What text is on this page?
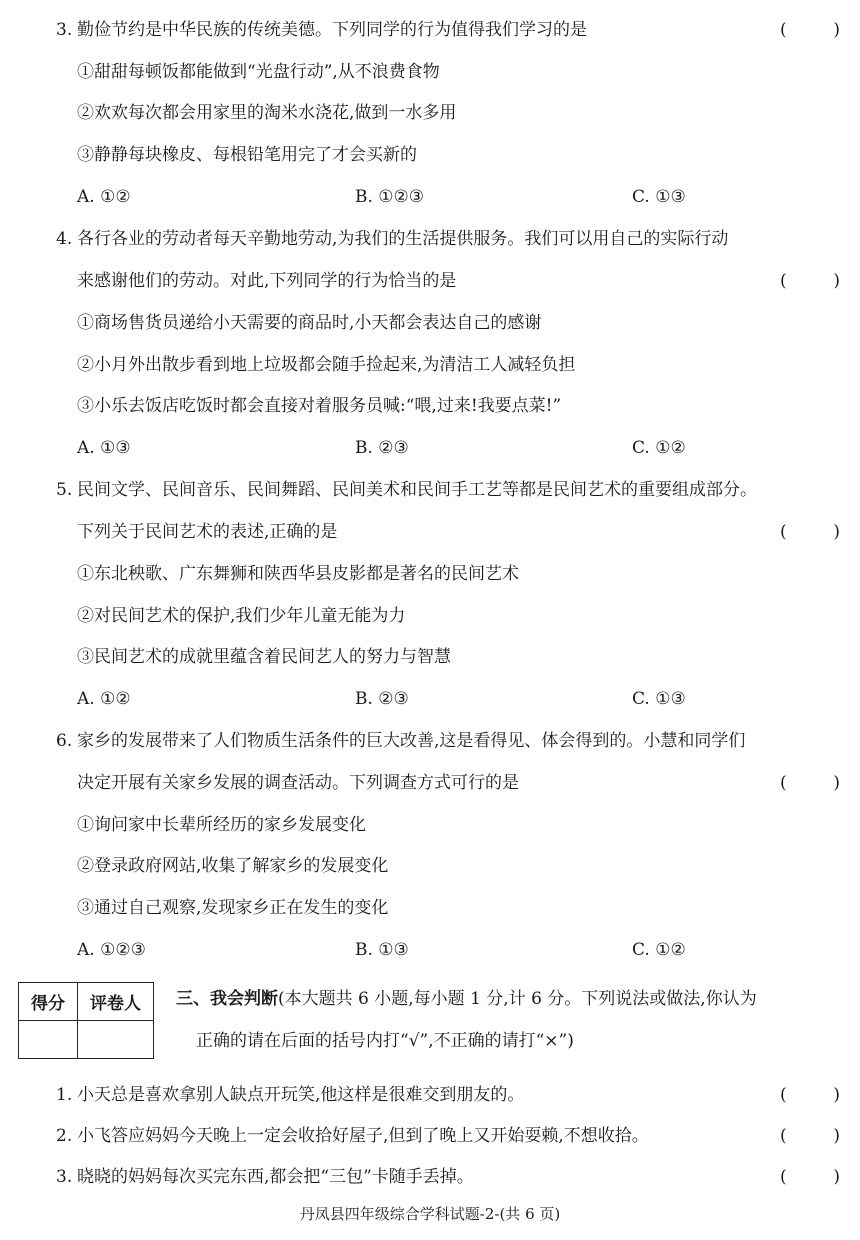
3. 勤俭节约是中华民族的传统美德。下列同学的行为值得我们学习的是	(	)
①甜甜每顿饭都能做到“光盘行动”,从不浪费食物
②欢欢每次都会用家里的淘米水浇花,做到一水多用
③静静每块橡皮、每根铅笔用完了才会买新的
A. ①②	B. ①②③	C. ①③
4. 各行各业的劳动者每天辛勤地劳动,为我们的生活提供服务。我们可以用自己的实际行动
来感谢他们的劳动。对此,下列同学的行为恰当的是	(	)
①商场售货员递给小天需要的商品时,小天都会表达自己的感谢
②小月外出散步看到地上垃圾都会随手捡起来,为清洁工人减轻负担
③小乐去饭店吃饭时都会直接对着服务员喊:“喂,过来!我要点菜!”
A. ①③	B. ②③	C. ①②
5. 民间文学、民间音乐、民间舞蹈、民间美术和民间手工艺等都是民间艺术的重要组成部分。
下列关于民间艺术的表述,正确的是	(	)
①东北秧歌、广东舞狮和陕西华县皮影都是著名的民间艺术
②对民间艺术的保护,我们少年儿童无能为力
③民间艺术的成就里蕴含着民间艺人的努力与智慧
A. ①②	B. ②③	C. ①③
6. 家乡的发展带来了人们物质生活条件的巨大改善,这是看得见、体会得到的。小慧和同学们
决定开展有关家乡发展的调查活动。下列调查方式可行的是	(	)
①询问家中长辈所经历的家乡发展变化
②登录政府网站,收集了解家乡的发展变化
③通过自己观察,发现家乡正在发生的变化
A. ①②③	B. ①③	C. ①②
得分	评卷人
	三、我会判断(本大题共 6 小题,每小题 1 分,计 6 分。下列说法或做法,你认为
正确的请在后面的括号内打“√”,不正确的请打“×”)
1. 小天总是喜欢拿别人缺点开玩笑,他这样是很难交到朋友的。	(	)
2. 小飞答应妈妈今天晚上一定会收拾好屋子,但到了晚上又开始耍赖,不想收拾。	(	)
3. 晓晓的妈妈每次买完东西,都会把“三包”卡随手丢掉。	(	)
丹凤县四年级综合学科试题-2-(共 6 页)
